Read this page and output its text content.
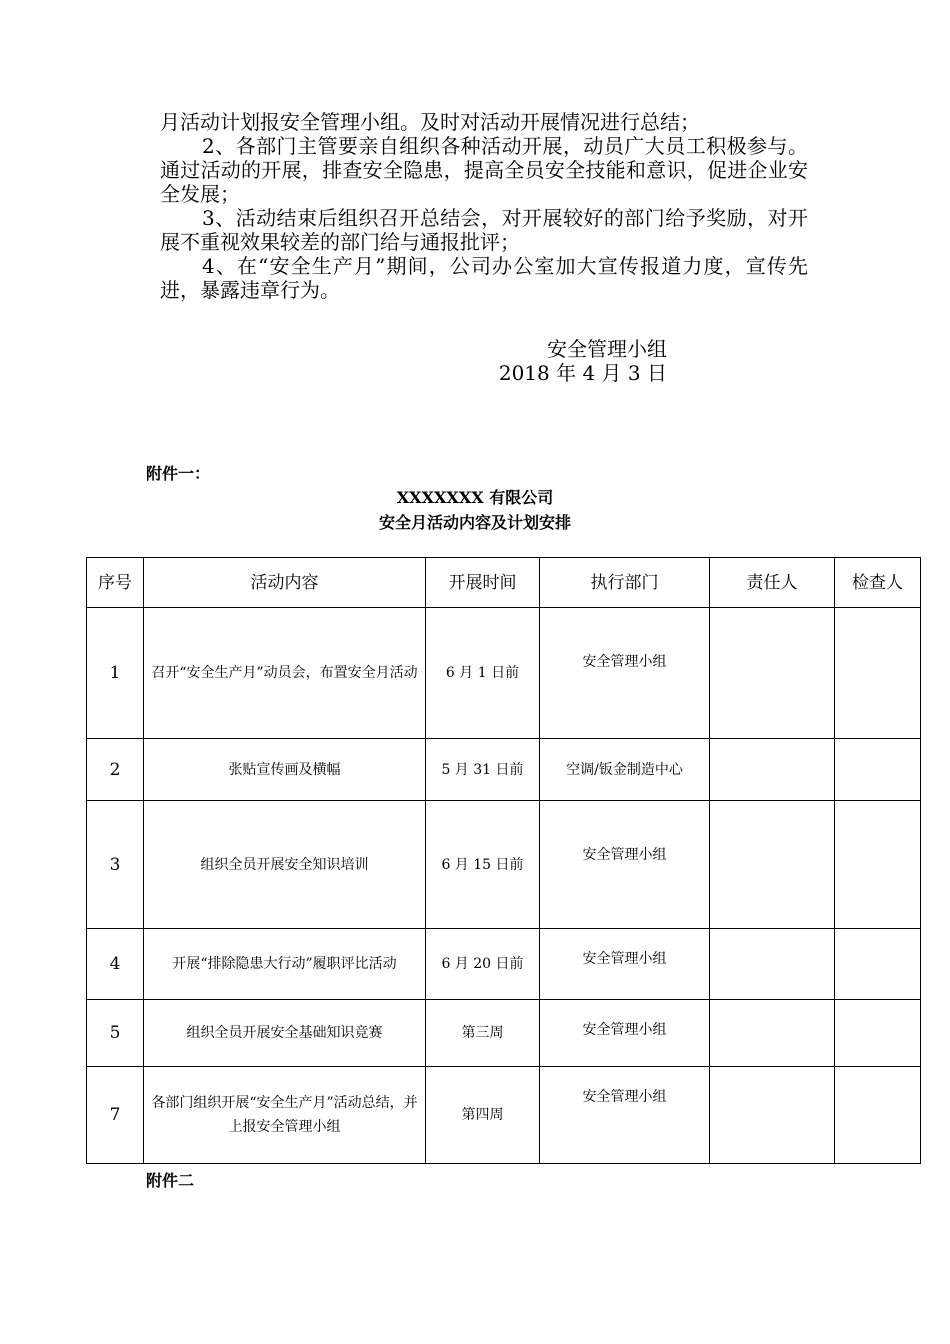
月活动计划报安全管理小组。及时对活动开展情况进行总结；

2、各部门主管要亲自组织各种活动开展，动员广大员工积极参与。通过活动的开展，排查安全隐患，提高全员安全技能和意识，促进企业安全发展；

3、活动结束后组织召开总结会，对开展较好的部门给予奖励，对开展不重视效果较差的部门给与通报批评；

4、在“安全生产月”期间，公司办公室加大宣传报道力度，宣传先进，暴露违章行为。

安全管理小组
2018 年 4 月 3 日
附件一：
XXXXXXX 有限公司
安全月活动内容及计划安排
序号	活动内容	开展时间	执行部门	责任人	检查人
1	召开“安全生产月”动员会，布置安全月活动	6 月 1 日前	安全管理小组		
2	张贴宣传画及横幅	5 月 31 日前	空调/钣金制造中心		
3	组织全员开展安全知识培训	6 月 15 日前	安全管理小组		
4	开展“排除隐患大行动”履职评比活动	6 月 20 日前	安全管理小组		
5	组织全员开展安全基础知识竞赛	第三周	安全管理小组		
7	各部门组织开展“安全生产月”活动总结，并上报安全管理小组	第四周	安全管理小组		
附件二
